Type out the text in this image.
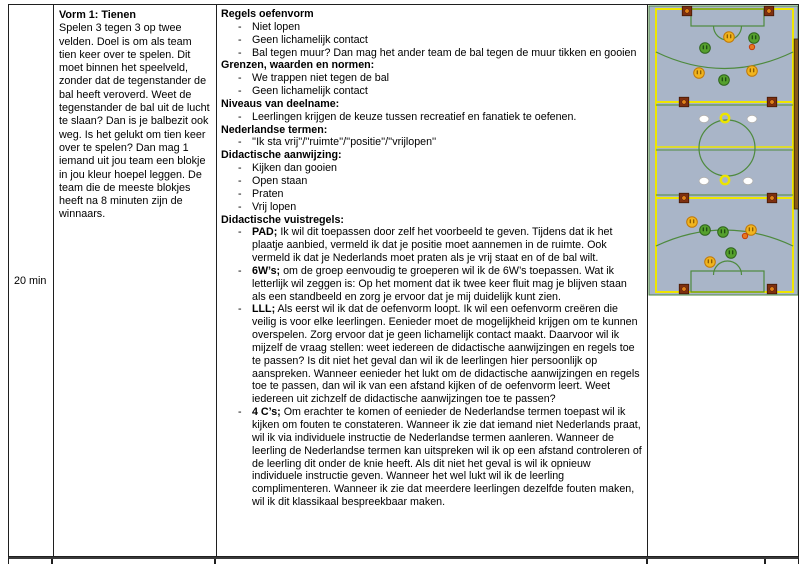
20 min
Vorm 1: Tienen
Spelen 3 tegen 3 op twee velden. Doel is om als team tien keer over te spelen. Dit moet binnen het speelveld, zonder dat de tegenstander de bal heeft veroverd. Weet de tegenstander de bal uit de lucht te slaan? Dan is je balbezit ook weg. Is het gelukt om tien keer over te spelen? Dan mag 1 iemand uit jou team een blokje in jou kleur hoepel leggen. De team die de meeste blokjes heeft na 8 minuten zijn de winnaars.
Regels oefenvorm
- Niet lopen
- Geen lichamelijk contact
- Bal tegen muur? Dan mag het ander team de bal tegen de muur tikken en gooien
Grenzen, waarden en normen:
- We trappen niet tegen de bal
- Geen lichamelijk contact
Niveaus van deelname:
- Leerlingen krijgen de keuze tussen recreatief en fanatiek te oefenen.
Nederlandse termen:
- ''Ik sta vrij''/''ruimte''/''positie''/''vrijlopen''
Didactische aanwijzing:
- Kijken dan gooien
- Open staan
- Praten
- Vrij lopen
Didactische vuistregels:
- PAD; Ik wil dit toepassen door zelf het voorbeeld te geven. Tijdens dat ik het plaatje aanbied, vermeld ik dat je positie moet aannemen in de ruimte. Ook vermeld ik dat je Nederlands moet praten als je vrij staat en of de bal wilt.
- 6W’s; om de groep eenvoudig te groeperen wil ik de 6W’s toepassen. Wat ik letterlijk wil zeggen is: Op het moment dat ik twee keer fluit mag je blijven staan als een standbeeld en zorg je ervoor dat je mij duidelijk kunt zien.
- LLL; Als eerst wil ik dat de oefenvorm loopt. Ik wil een oefenvorm creëren die veilig is voor elke leerlingen. Eenieder moet de mogelijkheid krijgen om te kunnen overspelen. Zorg ervoor dat je geen lichamelijk contact maakt. Daarvoor wil ik mijzelf de vraag stellen: weet iedereen de didactische aanwijzingen en regels toe te passen? Is dit niet het geval dan wil ik de leerlingen hier persoonlijk op aanspreken. Wanneer eenieder het lukt om de didactische aanwijzingen en regels toe te passen, dan wil ik van een afstand kijken of de oefenvorm leert. Weet iedereen uit zichzelf de didactische aanwijzingen toe te passen?
- 4 C’s; Om erachter te komen of eenieder de Nederlandse termen toepast wil ik kijken om fouten te constateren. Wanneer ik zie dat iemand niet Nederlands praat, wil ik via individuele instructie de Nederlandse termen aanleren. Wanneer de leerling de Nederlandse termen kan uitspreken wil ik op een afstand controleren of de leerling dit onder de knie heeft. Als dit niet het geval is wil ik opnieuw individuele instructie geven. Wanneer het wel lukt wil ik de leerling complimenteren. Wanneer ik zie dat meerdere leerlingen dezelfde fouten maken, wil ik dit klassikaal bespreekbaar maken.
